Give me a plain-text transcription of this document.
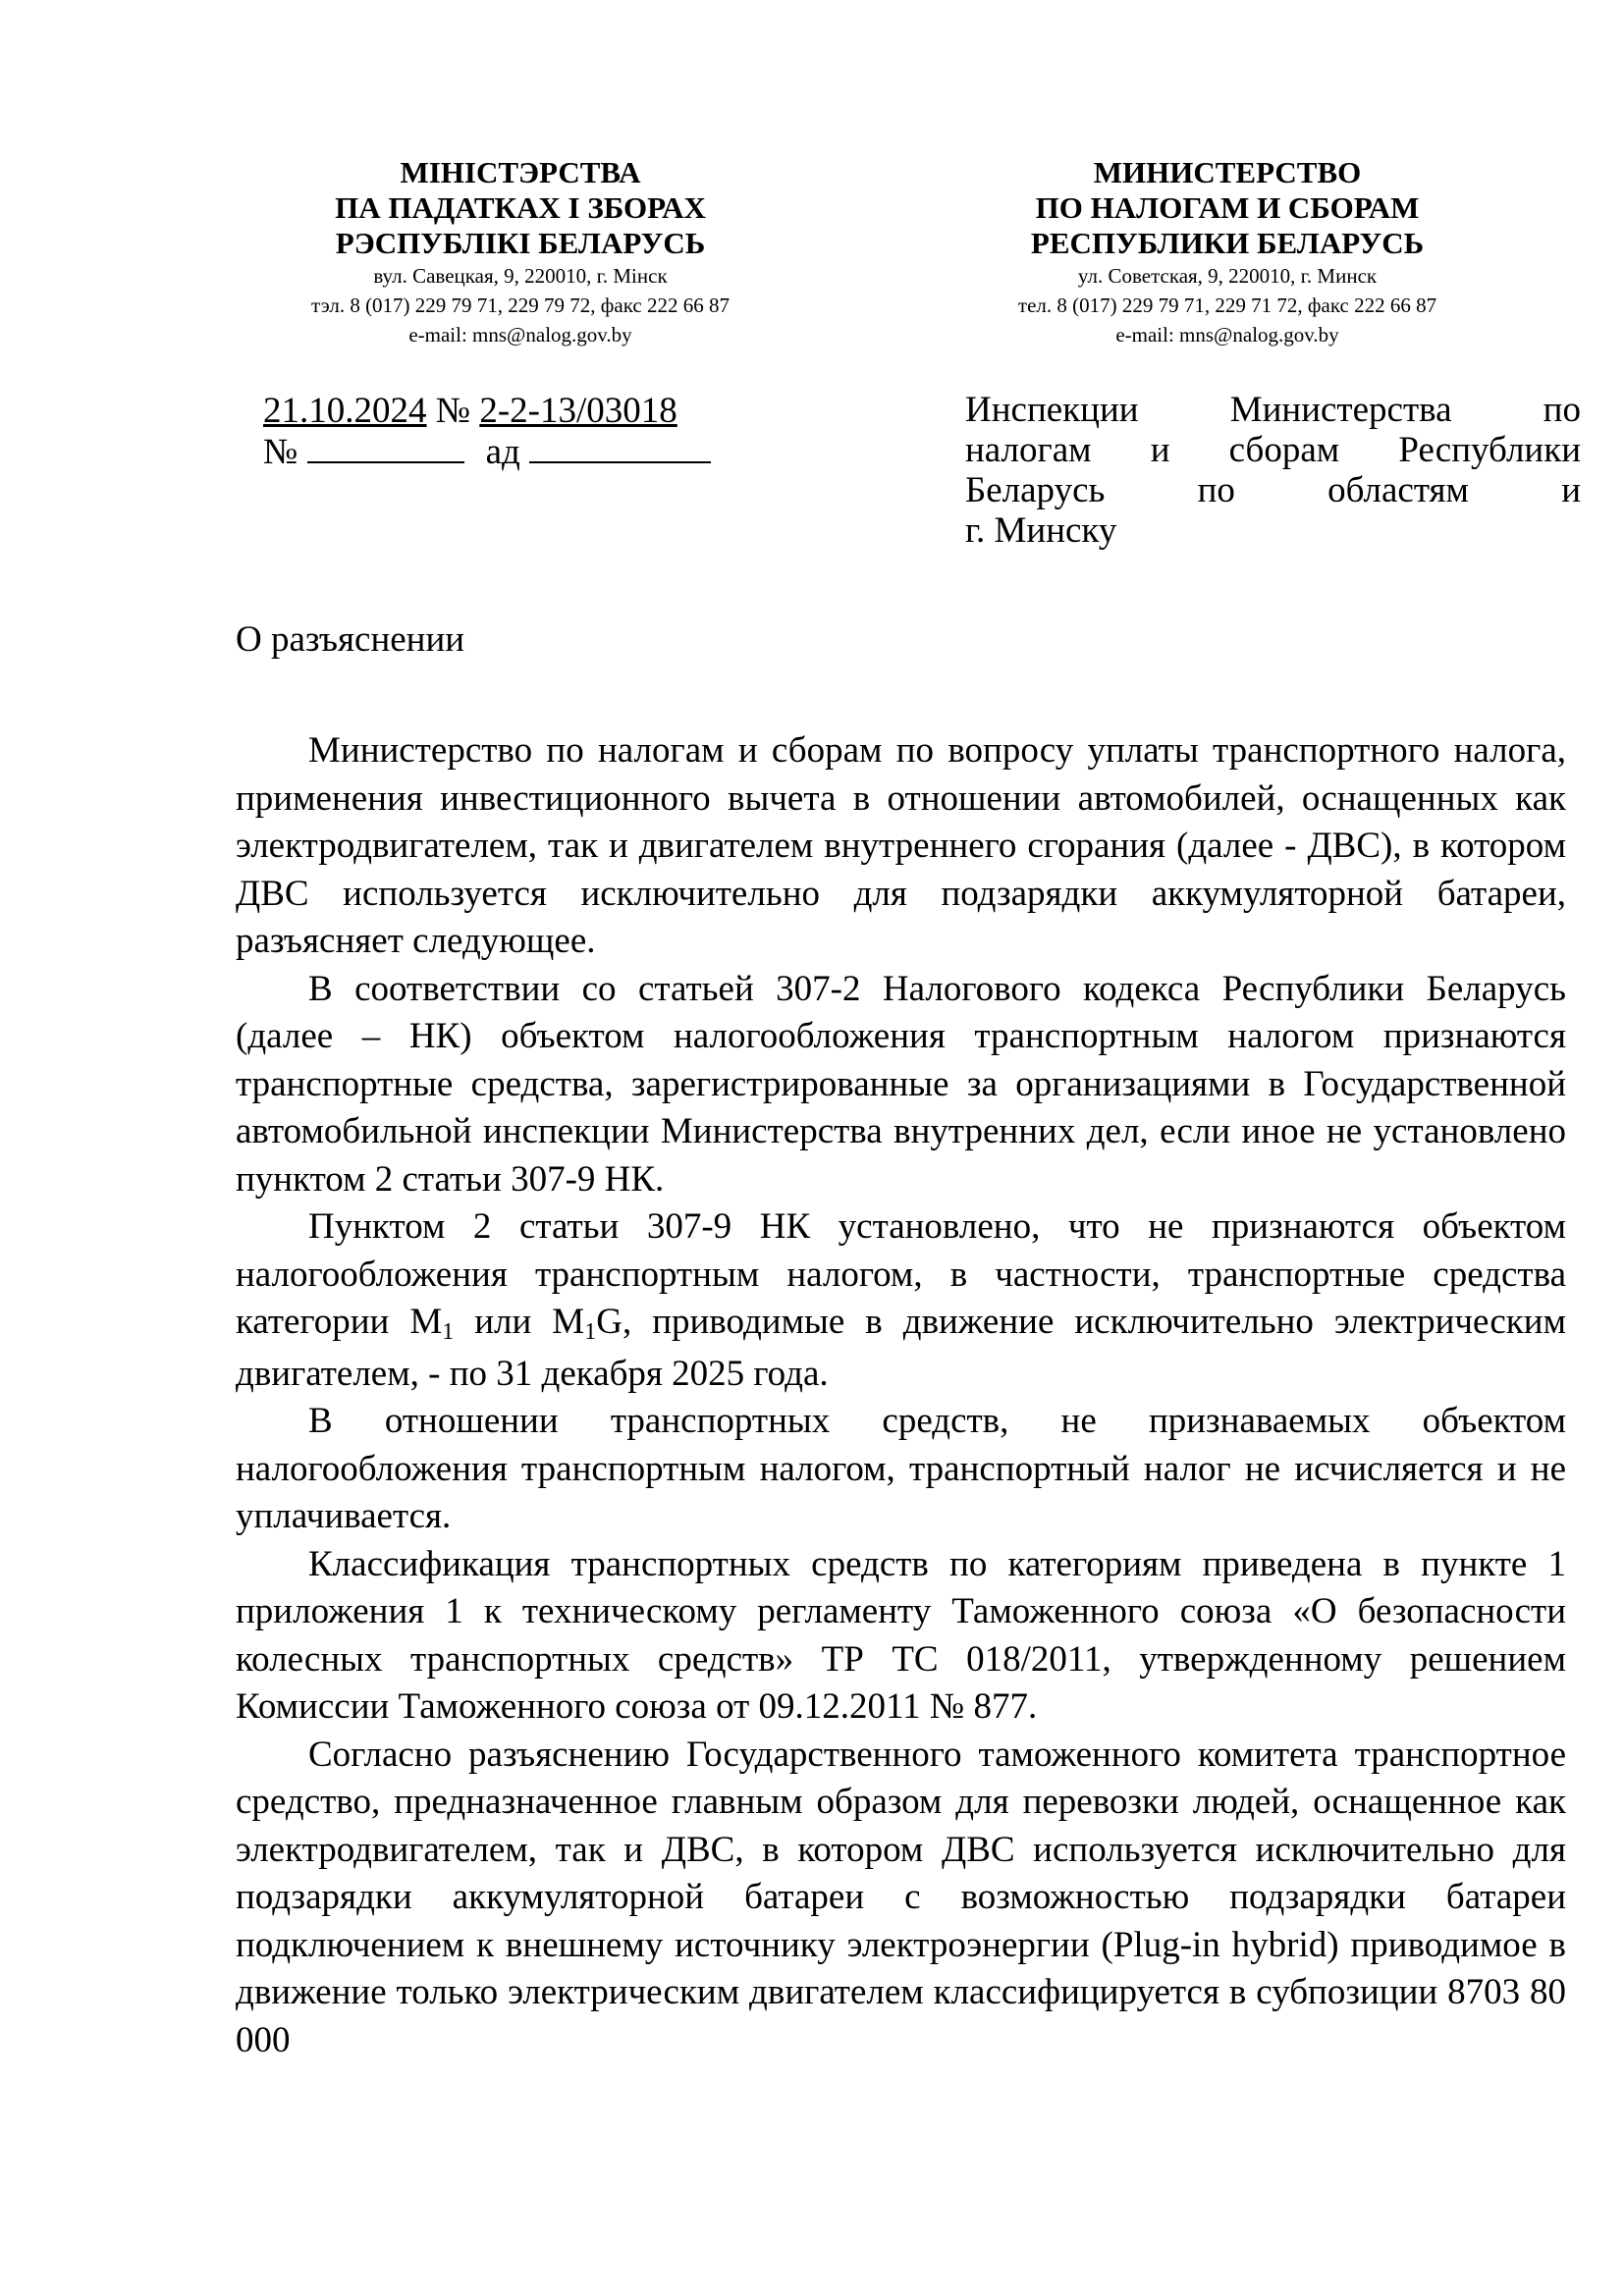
МІНІСТЭРСТВА

ПА ПАДАТКАХ І ЗБОРАХ

РЭСПУБЛІКІ БЕЛАРУСЬ

вул. Савецкая, 9, 220010, г. Мінск

тэл. 8 (017) 229 79 71, 229 79 72, факс 222 66 87

e-mail: mns@nalog.gov.by

МИНИСТЕРСТВО

ПО НАЛОГАМ И СБОРАМ

РЕСПУБЛИКИ БЕЛАРУСЬ

ул. Советская, 9, 220010, г. Минск

тел. 8 (017) 229 79 71, 229 71 72, факс 222 66 87

e-mail: mns@nalog.gov.by

21.10.2024 № 2-2-13/03018
№	ад

Инспекции Министерства по

налогам и сборам Республики

Беларусь по областям и

г. Минску

О разъяснении

Министерство по налогам и сборам по вопросу уплаты транспортного налога, применения инвестиционного вычета в отношении автомобилей, оснащенных как электродвигателем, так и двигателем внутреннего сгорания (далее - ДВС), в котором ДВС используется исключительно для подзарядки аккумуляторной батареи, разъясняет следующее.

В соответствии со статьей 307-2 Налогового кодекса Республики Беларусь (далее – НК) объектом налогообложения транспортным налогом признаются транспортные средства, зарегистрированные за организациями в Государственной автомобильной инспекции Министерства внутренних дел, если иное не установлено пунктом 2 статьи 307-9 НК.

Пунктом 2 статьи 307-9 НК установлено, что не признаются объектом налогообложения транспортным налогом, в частности, транспортные средства категории $М_1$ или $М_1G$, приводимые в движение исключительно электрическим двигателем, - по 31 декабря 2025 года.

В отношении транспортных средств, не признаваемых объектом налогообложения транспортным налогом, транспортный налог не исчисляется и не уплачивается.

Классификация транспортных средств по категориям приведена в пункте 1 приложения 1 к техническому регламенту Таможенного союза «О безопасности колесных транспортных средств» ТР ТС 018/2011, утвержденному решением Комиссии Таможенного союза от 09.12.2011 № 877.

Согласно разъяснению Государственного таможенного комитета транспортное средство, предназначенное главным образом для перевозки людей, оснащенное как электродвигателем, так и ДВС, в котором ДВС используется исключительно для подзарядки аккумуляторной батареи с возможностью подзарядки батареи подключением к внешнему источнику электроэнергии (Plug-in hybrid) приводимое в движение только электрическим двигателем классифицируется в субпозиции 8703 80 000
